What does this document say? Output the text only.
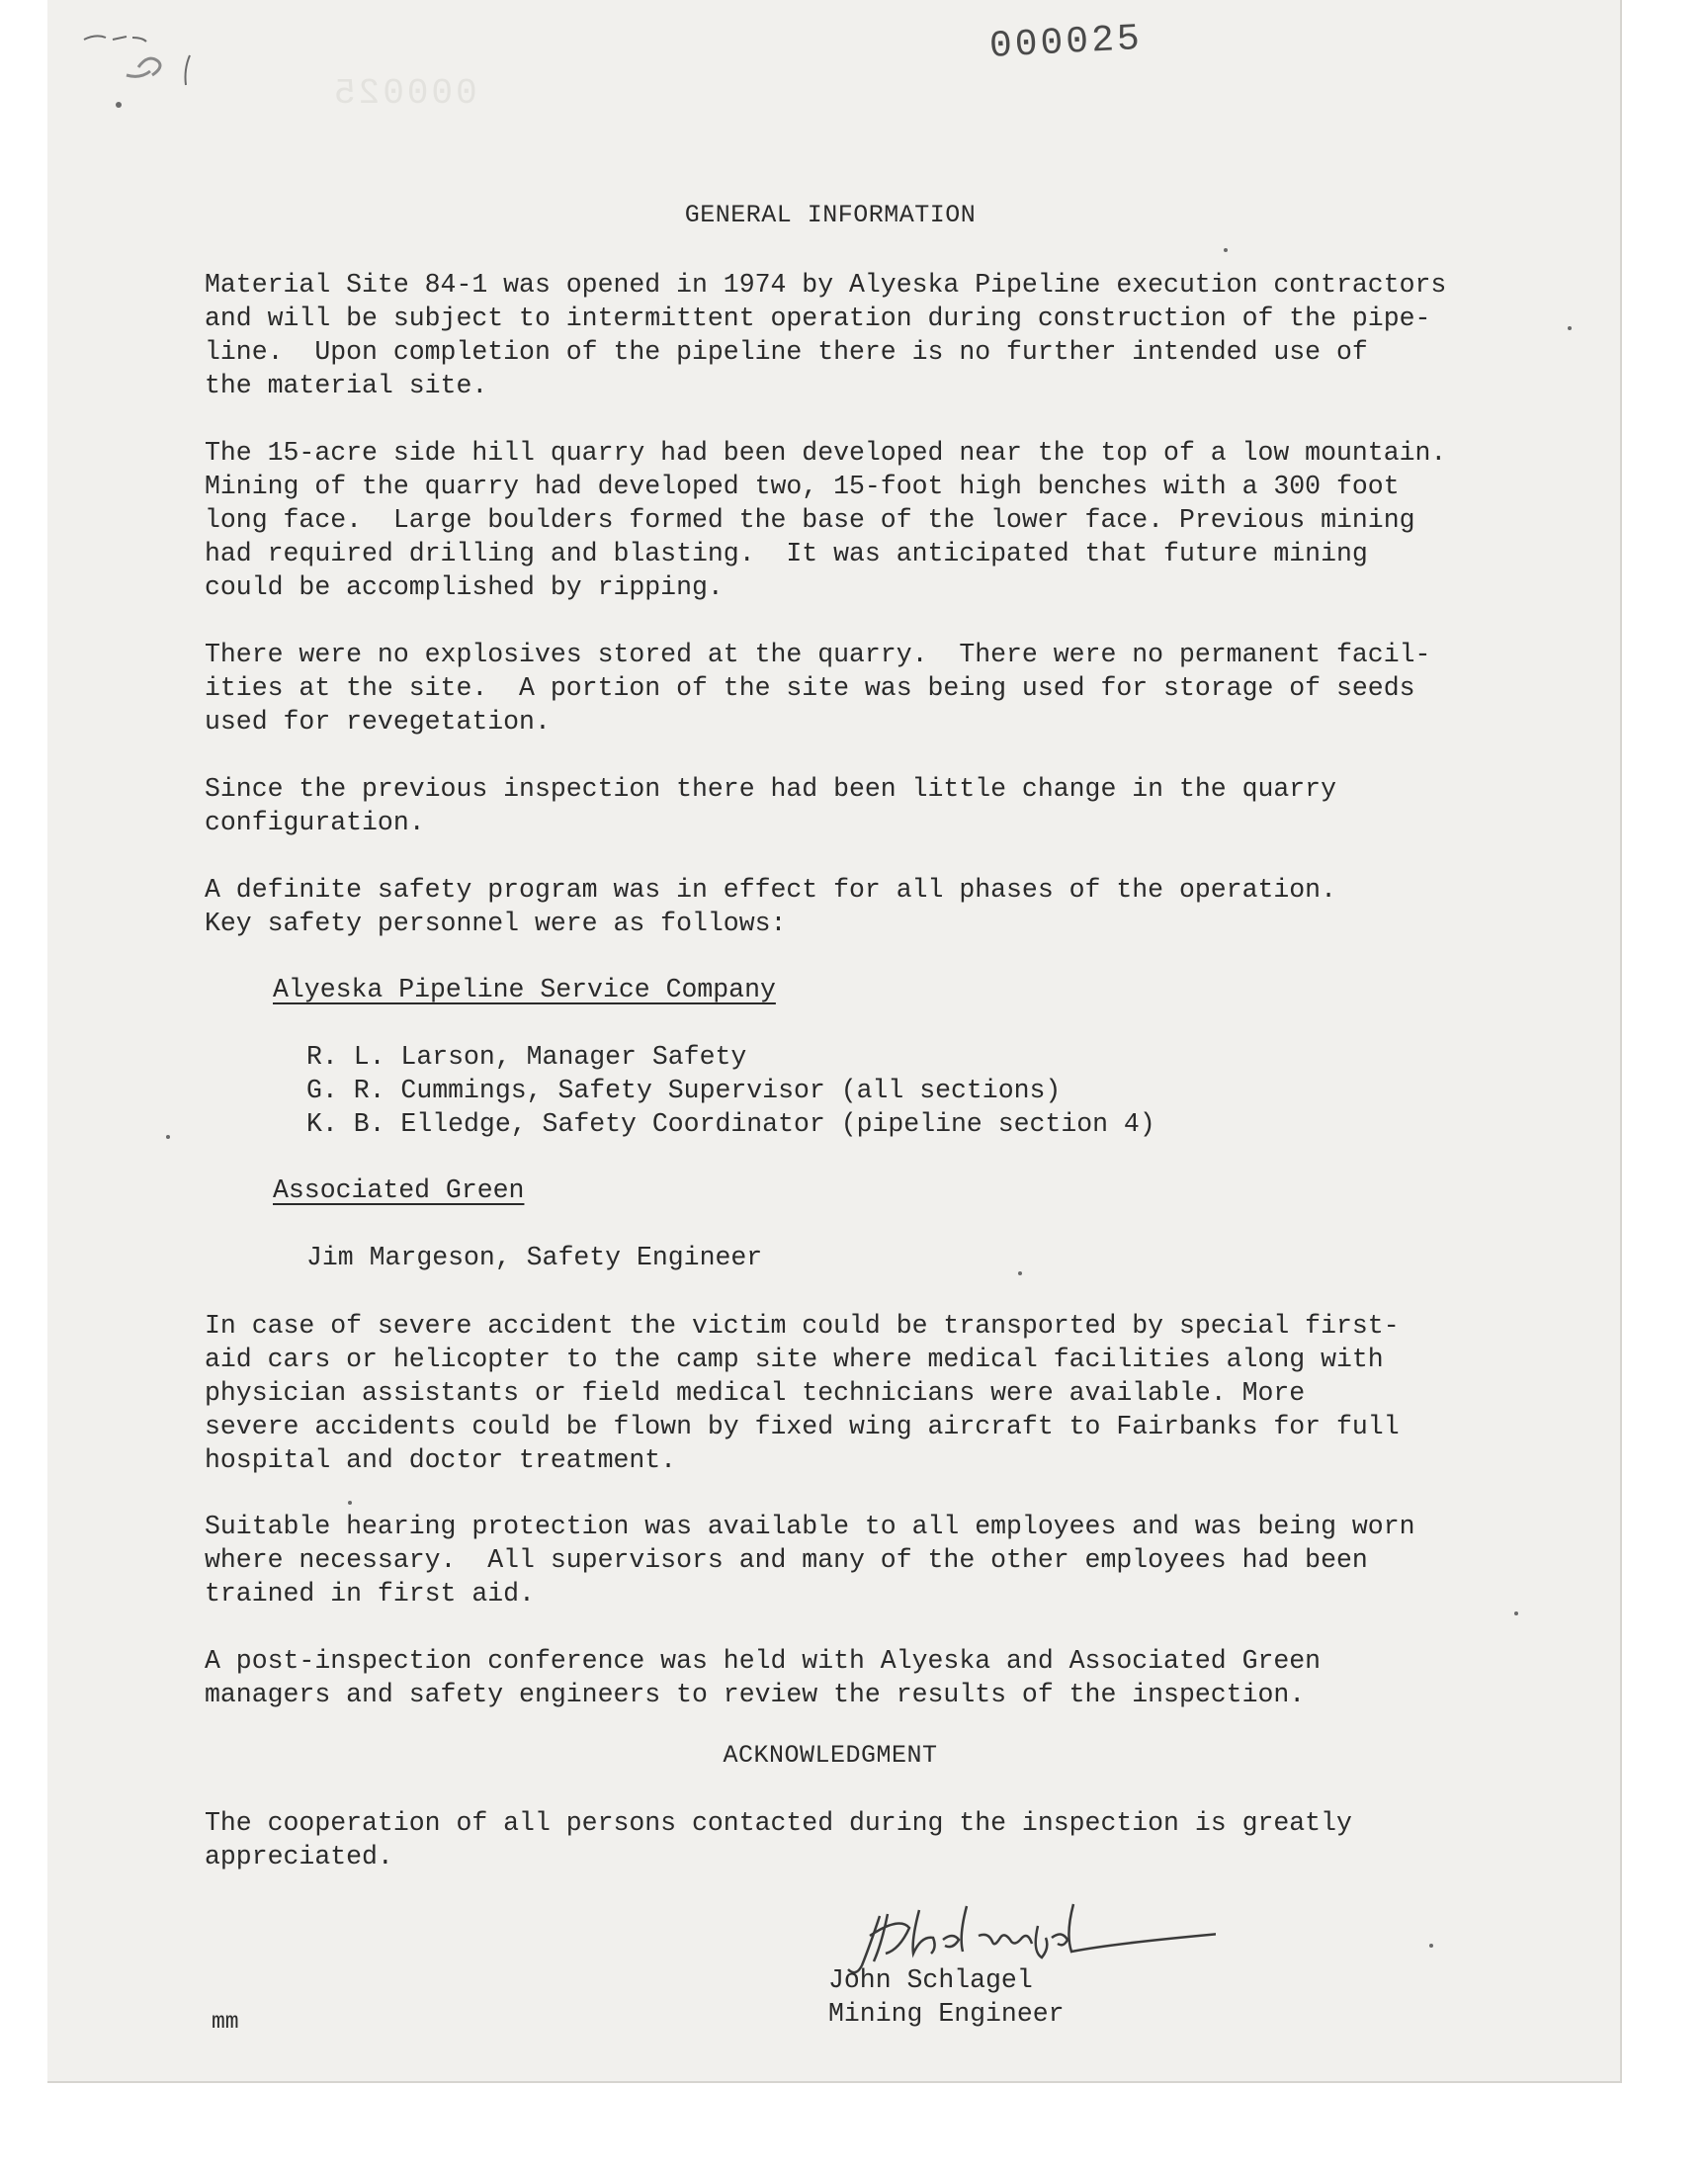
000025
000025
GENERAL INFORMATION

Material Site 84-1 was opened in 1974 by Alyeska Pipeline execution contractors
and will be subject to intermittent operation during construction of the pipe-
line.  Upon completion of the pipeline there is no further intended use of
the material site.

The 15-acre side hill quarry had been developed near the top of a low mountain.
Mining of the quarry had developed two, 15-foot high benches with a 300 foot
long face.  Large boulders formed the base of the lower face. Previous mining
had required drilling and blasting.  It was anticipated that future mining
could be accomplished by ripping.

There were no explosives stored at the quarry.  There were no permanent facil-
ities at the site.  A portion of the site was being used for storage of seeds
used for revegetation.

Since the previous inspection there had been little change in the quarry
configuration.

A definite safety program was in effect for all phases of the operation.
Key safety personnel were as follows:

Alyeska Pipeline Service Company

R. L. Larson, Manager Safety
G. R. Cummings, Safety Supervisor (all sections)
K. B. Elledge, Safety Coordinator (pipeline section 4)

Associated Green

Jim Margeson, Safety Engineer

In case of severe accident the victim could be transported by special first-
aid cars or helicopter to the camp site where medical facilities along with
physician assistants or field medical technicians were available. More
severe accidents could be flown by fixed wing aircraft to Fairbanks for full
hospital and doctor treatment.

Suitable hearing protection was available to all employees and was being worn
where necessary.  All supervisors and many of the other employees had been
trained in first aid.

A post-inspection conference was held with Alyeska and Associated Green
managers and safety engineers to review the results of the inspection.

ACKNOWLEDGMENT

The cooperation of all persons contacted during the inspection is greatly
appreciated.

John Schlagel
Mining Engineer
mm
